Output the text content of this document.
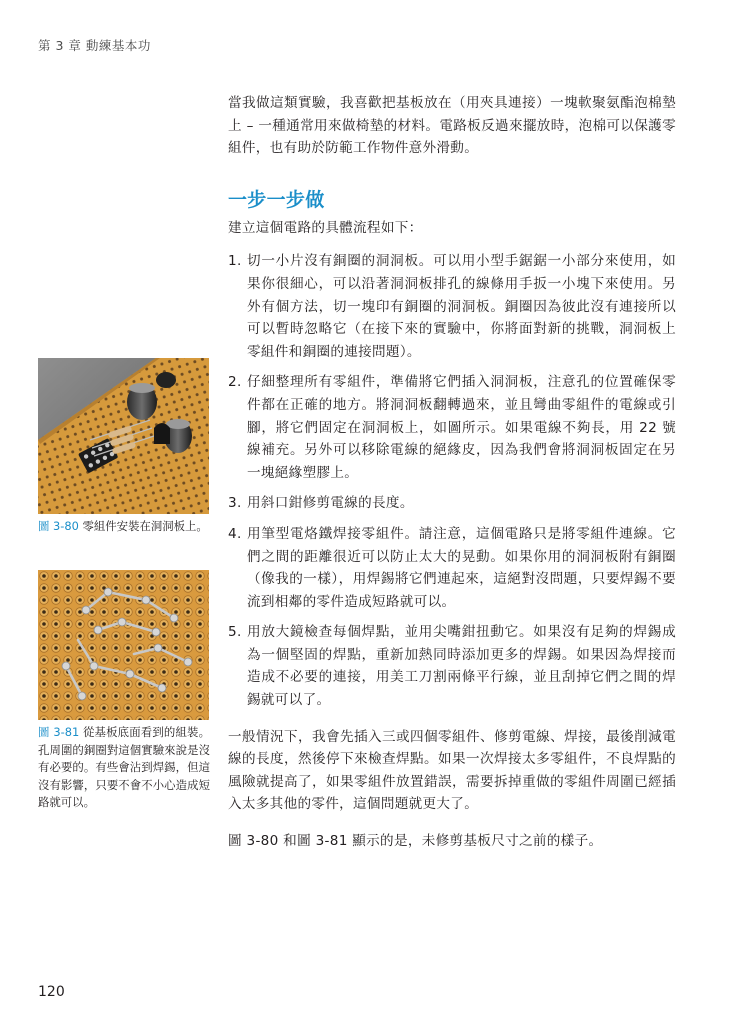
第 3 章 動練基本功
圖 3-80 零組件安裝在洞洞板上。
圖 3-81 從基板底面看到的組裝。孔周圍的銅圈對這個實驗來說是沒有必要的。有些會沾到焊錫，但這沒有影響，只要不會不小心造成短路就可以。

當我做這類實驗，我喜歡把基板放在（用夾具連接）一塊軟聚氨酯泡棉墊上 – 一種通常用來做椅墊的材料。電路板反過來擺放時，泡棉可以保護零組件，也有助於防範工作物件意外滑動。

一步一步做

建立這個電路的具體流程如下：

1. 切一小片沒有銅圈的洞洞板。可以用小型手鋸鋸一小部分來使用，如果你很細心，可以沿著洞洞板排孔的線條用手扳一小塊下來使用。另外有個方法，切一塊印有銅圈的洞洞板。銅圈因為彼此沒有連接所以可以暫時忽略它（在接下來的實驗中，你將面對新的挑戰，洞洞板上零組件和銅圈的連接問題）。
2. 仔細整理所有零組件，準備將它們插入洞洞板，注意孔的位置確保零件都在正確的地方。將洞洞板翻轉過來，並且彎曲零組件的電線或引腳，將它們固定在洞洞板上，如圖所示。如果電線不夠長，用 22 號線補充。另外可以移除電線的絕緣皮，因為我們會將洞洞板固定在另一塊絕緣塑膠上。
3. 用斜口鉗修剪電線的長度。
4. 用筆型電烙鐵焊接零組件。請注意，這個電路只是將零組件連線。它們之間的距離很近可以防止太大的晃動。如果你用的洞洞板附有銅圈（像我的一樣），用焊錫將它們連起來，這絕對沒問題，只要焊錫不要流到相鄰的零件造成短路就可以。
5. 用放大鏡檢查每個焊點，並用尖嘴鉗扭動它。如果沒有足夠的焊錫成為一個堅固的焊點，重新加熱同時添加更多的焊錫。如果因為焊接而造成不必要的連接，用美工刀割兩條平行線，並且刮掉它們之間的焊錫就可以了。

一般情況下，我會先插入三或四個零組件、修剪電線、焊接，最後削減電線的長度，然後停下來檢查焊點。如果一次焊接太多零組件，不良焊點的風險就提高了，如果零組件放置錯誤，需要拆掉重做的零組件周圍已經插入太多其他的零件，這個問題就更大了。

圖 3-80 和圖 3-81 顯示的是，未修剪基板尺寸之前的樣子。

120
